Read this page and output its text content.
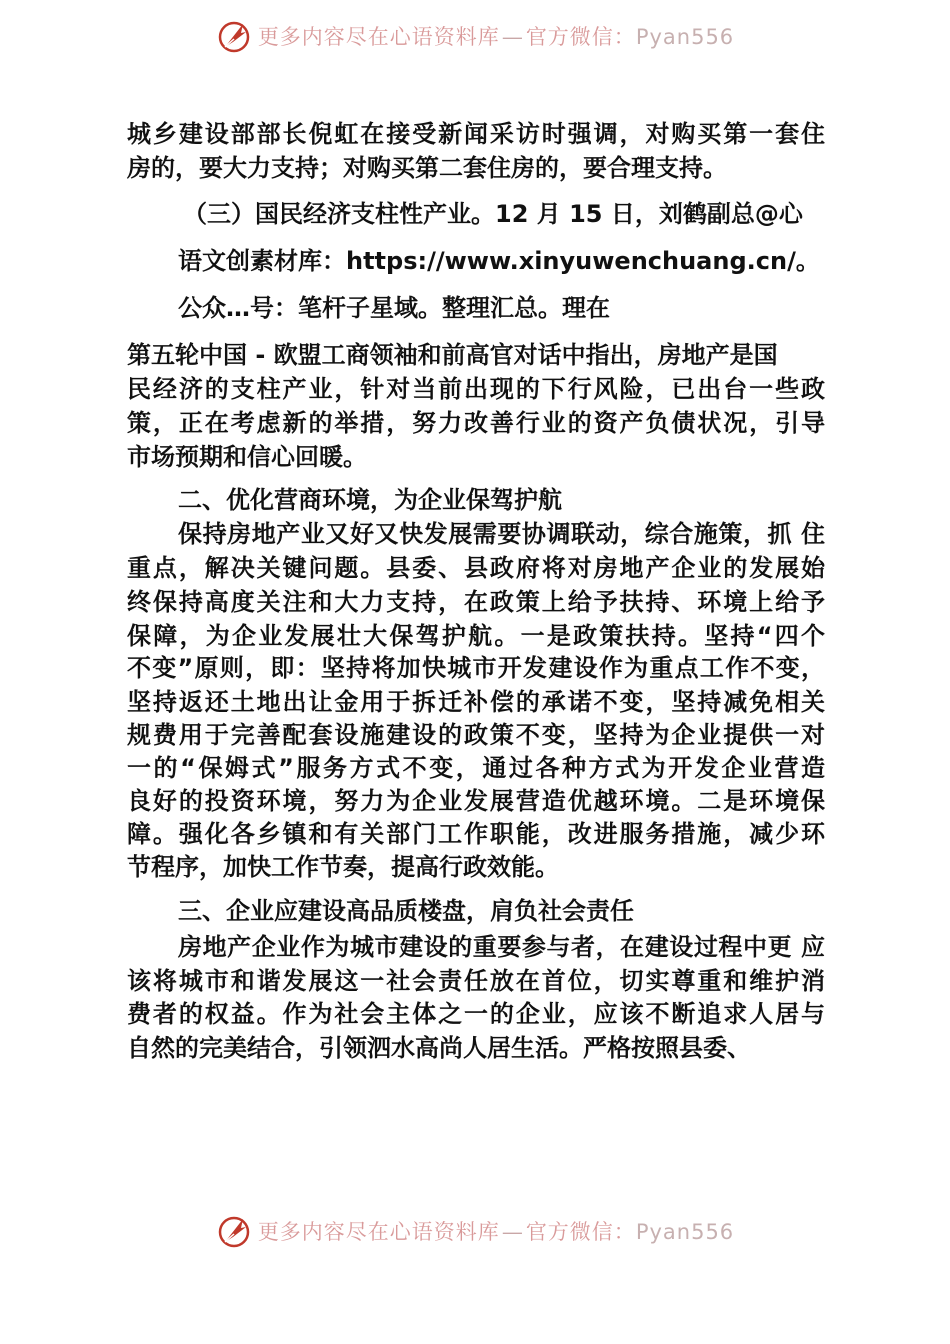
更多内容尽在心语资料库—官方微信：Pyan556

城乡建设部部长倪虹在接受新闻采访时强调，对购买第一套住

房的，要大力支持；对购买第二套住房的，要合理支持。

（三）国民经济支柱性产业。12 月 15 日，刘鹤副总@心

语文创素材库：https://www.xinyuwenchuang.cn/。

公众…号：笔杆子星域。整理汇总。理在

第五轮中国 - 欧盟工商领袖和前高官对话中指出，房地产是国

民经济的支柱产业，针对当前出现的下行风险，已出台一些政

策，正在考虑新的举措，努力改善行业的资产负债状况，引导

市场预期和信心回暖。

二、优化营商环境，为企业保驾护航

保持房地产业又好又快发展需要协调联动，综合施策，抓 住

重点，解决关键问题。县委、县政府将对房地产企业的发展始

终保持高度关注和大力支持，在政策上给予扶持、环境上给予

保障，为企业发展壮大保驾护航。一是政策扶持。坚持“四个

不变”原则，即：坚持将加快城市开发建设作为重点工作不变，

坚持返还土地出让金用于拆迁补偿的承诺不变，坚持减免相关

规费用于完善配套设施建设的政策不变，坚持为企业提供一对

一的“保姆式”服务方式不变，通过各种方式为开发企业营造

良好的投资环境，努力为企业发展营造优越环境。二是环境保

障。强化各乡镇和有关部门工作职能，改进服务措施，减少环

节程序，加快工作节奏，提高行政效能。

三、企业应建设高品质楼盘，肩负社会责任

房地产企业作为城市建设的重要参与者，在建设过程中更 应

该将城市和谐发展这一社会责任放在首位，切实尊重和维护消

费者的权益。作为社会主体之一的企业，应该不断追求人居与

自然的完美结合，引领泗水高尚人居生活。严格按照县委、

更多内容尽在心语资料库—官方微信：Pyan556
